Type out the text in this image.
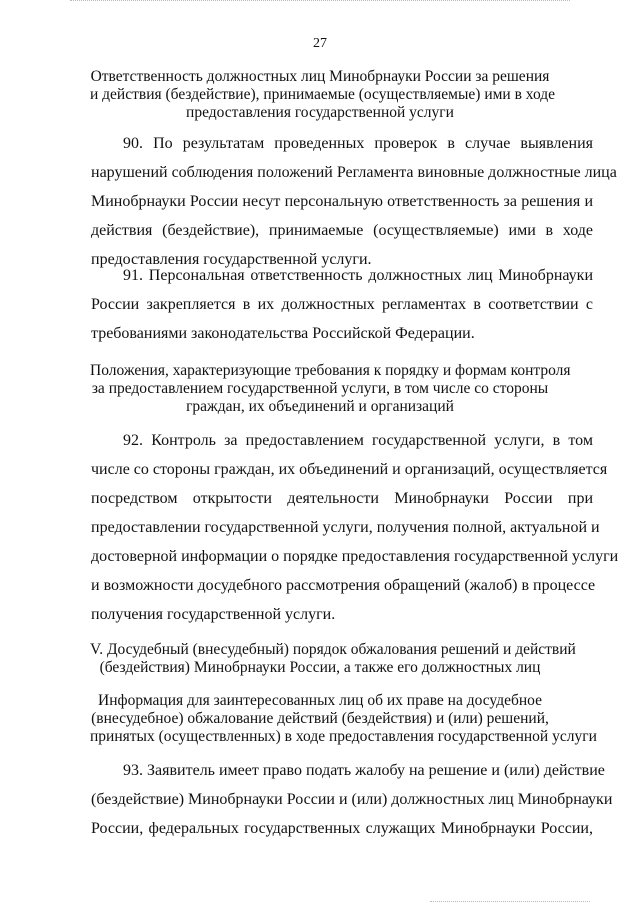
27
Ответственность должностных лиц Минобрнауки России за решения
и действия (бездействие), принимаемые (осуществляемые) ими в ходе
предоставления государственной услуги
90. По результатам проведенных проверок в случае выявления
нарушений соблюдения положений Регламента виновные должностные лица
Минобрнауки России несут персональную ответственность за решения и
действия (бездействие), принимаемые (осуществляемые) ими в ходе
предоставления государственной услуги.
91. Персональная ответственность должностных лиц Минобрнауки
России закрепляется в их должностных регламентах в соответствии с
требованиями законодательства Российской Федерации.
Положения, характеризующие требования к порядку и формам контроля
за предоставлением государственной услуги, в том числе со стороны
граждан, их объединений и организаций
92. Контроль за предоставлением государственной услуги, в том
числе со стороны граждан, их объединений и организаций, осуществляется
посредством открытости деятельности Минобрнауки России при
предоставлении государственной услуги, получения полной, актуальной и
достоверной информации о порядке предоставления государственной услуги
и возможности досудебного рассмотрения обращений (жалоб) в процессе
получения государственной услуги.
V. Досудебный (внесудебный) порядок обжалования решений и действий
(бездействия) Минобрнауки России, а также его должностных лиц
Информация для заинтересованных лиц об их праве на досудебное
(внесудебное) обжалование действий (бездействия) и (или) решений,
принятых (осуществленных) в ходе предоставления государственной услуги
93. Заявитель имеет право подать жалобу на решение и (или) действие
(бездействие) Минобрнауки России и (или) должностных лиц Минобрнауки
России, федеральных государственных служащих Минобрнауки России,
